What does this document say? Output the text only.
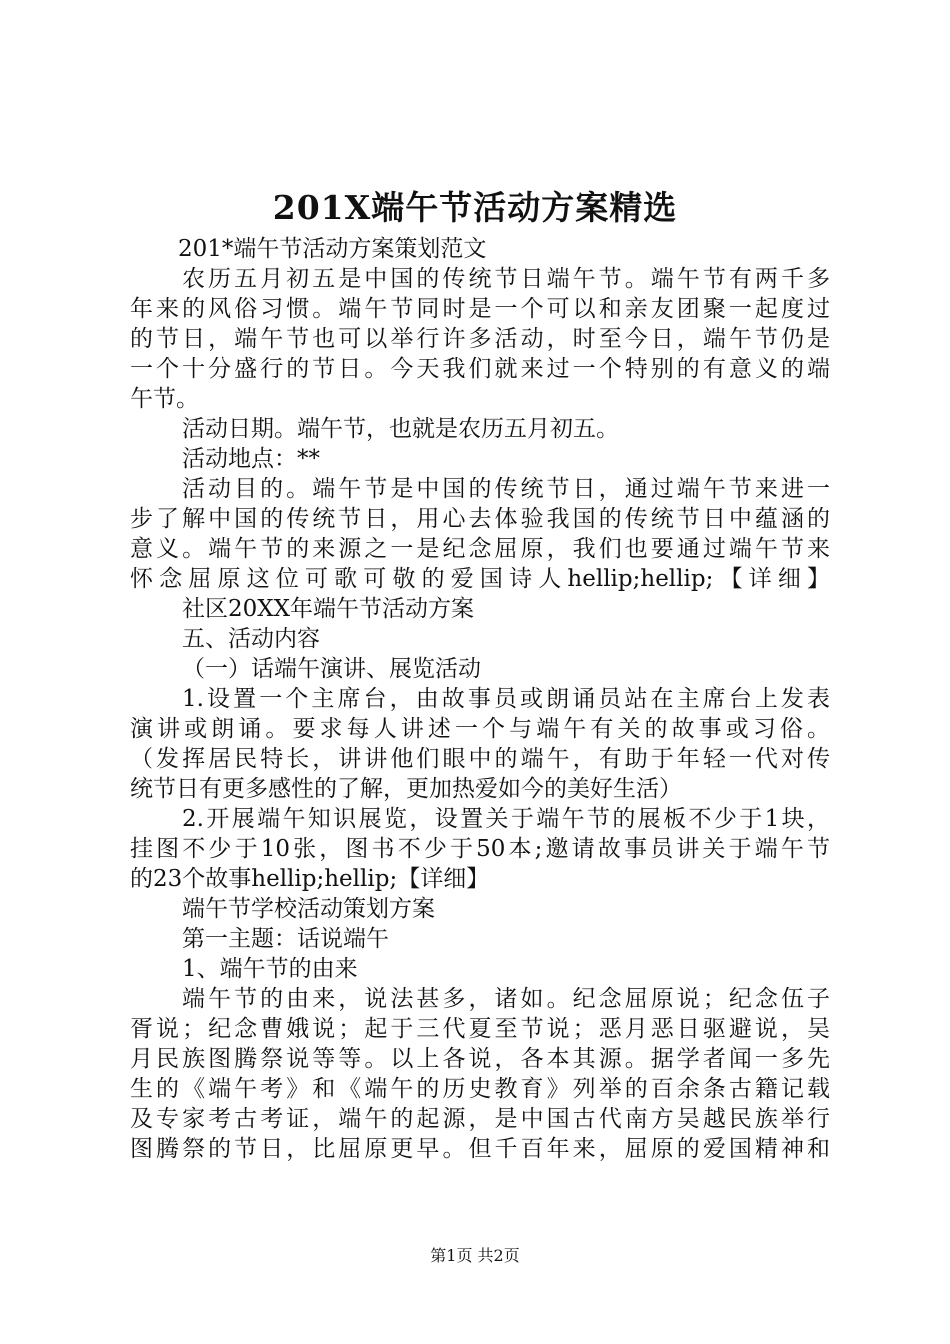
201X端午节活动方案精选
201*端午节活动方案策划范文
农历五月初五是中国的传统节日端午节。端午节有两千多
年来的风俗习惯。端午节同时是一个可以和亲友团聚一起度过
的节日，端午节也可以举行许多活动，时至今日，端午节仍是
一个十分盛行的节日。今天我们就来过一个特别的有意义的端
午节。
活动日期。端午节，也就是农历五月初五。
活动地点：**
活动目的。端午节是中国的传统节日，通过端午节来进一
步了解中国的传统节日，用心去体验我国的传统节日中蕴涵的
意义。端午节的来源之一是纪念屈原，我们也要通过端午节来
怀念屈原这位可歌可敬的爱国诗人hellip;hellip;【详细】
社区20XX年端午节活动方案
五、活动内容
（一）话端午演讲、展览活动
1.设置一个主席台，由故事员或朗诵员站在主席台上发表
演讲或朗诵。要求每人讲述一个与端午有关的故事或习俗。
（发挥居民特长，讲讲他们眼中的端午，有助于年轻一代对传
统节日有更多感性的了解，更加热爱如今的美好生活）
2.开展端午知识展览，设置关于端午节的展板不少于1块，
挂图不少于10张，图书不少于50本;邀请故事员讲关于端午节
的23个故事hellip;hellip;【详细】
端午节学校活动策划方案
第一主题：话说端午
1、端午节的由来
端午节的由来，说法甚多，诸如。纪念屈原说；纪念伍子
胥说；纪念曹娥说；起于三代夏至节说；恶月恶日驱避说，吴
月民族图腾祭说等等。以上各说，各本其源。据学者闻一多先
生的《端午考》和《端午的历史教育》列举的百余条古籍记载
及专家考古考证，端午的起源，是中国古代南方吴越民族举行
图腾祭的节日，比屈原更早。但千百年来，屈原的爱国精神和
第1页 共2页
